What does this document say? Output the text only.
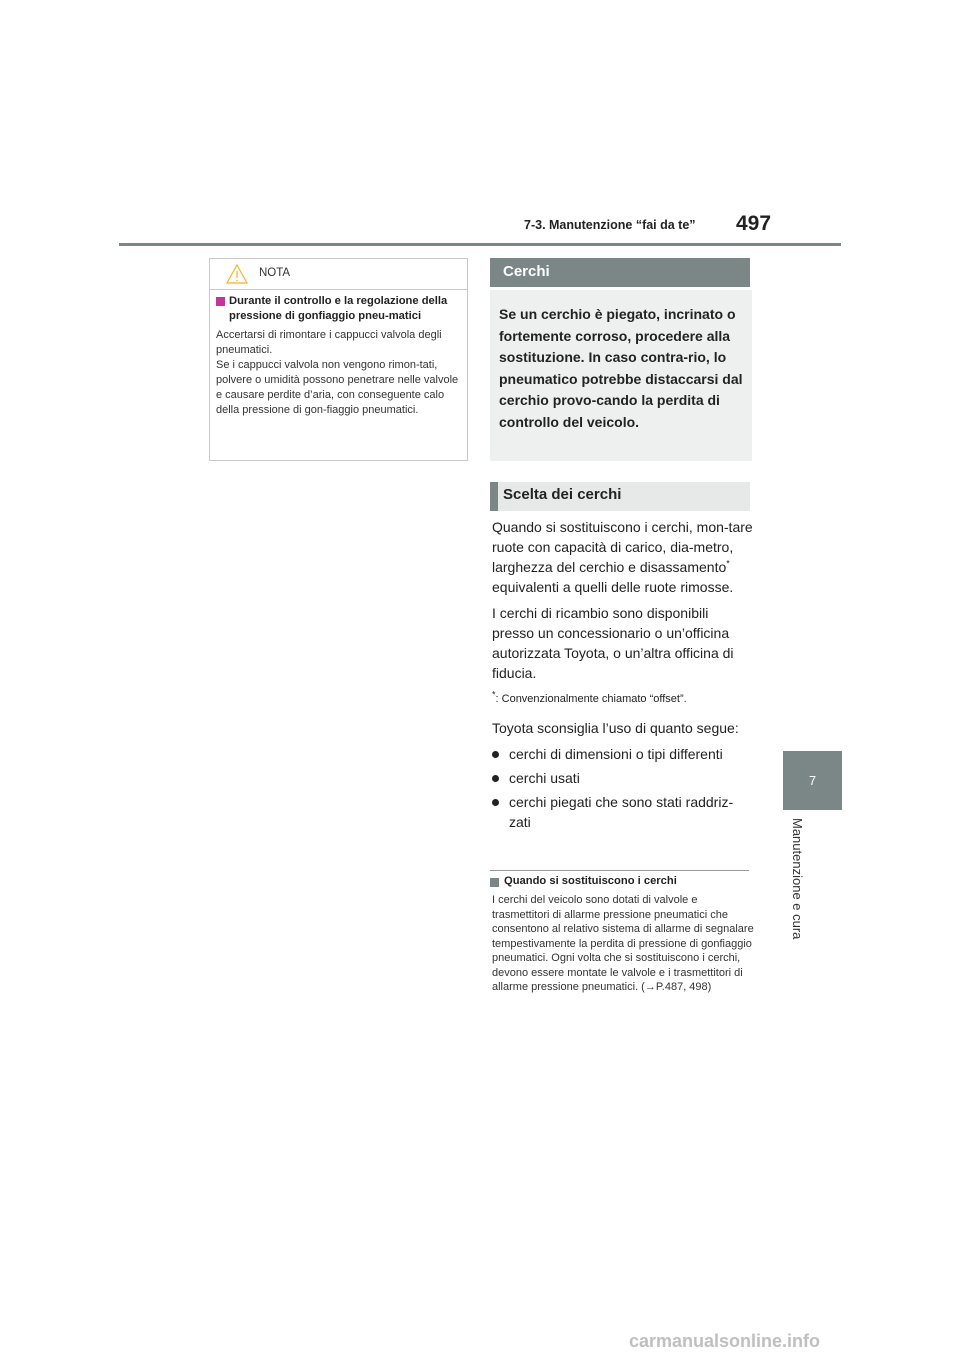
7-3. Manutenzione “fai da te” 497
7
Manutenzione e cura
NOTA
Durante il controllo e la regolazione della pressione di gonfiaggio pneu-matici
Accertarsi di rimontare i cappucci valvola degli pneumatici.
Se i cappucci valvola non vengono rimon-tati, polvere o umidità possono penetrare nelle valvole e causare perdite d’aria, con conseguente calo della pressione di gon-fiaggio pneumatici.
Cerchi
Se un cerchio è piegato, incrinato o fortemente corroso, procedere alla sostituzione. In caso contra-rio, lo pneumatico potrebbe distaccarsi dal cerchio provo-cando la perdita di controllo del veicolo.
Scelta dei cerchi

Quando si sostituiscono i cerchi, mon-tare ruote con capacità di carico, dia-metro, larghezza del cerchio e disassamento* equivalenti a quelli delle ruote rimosse.

I cerchi di ricambio sono disponibili presso un concessionario o un’officina autorizzata Toyota, o un’altra officina di fiducia.

*: Convenzionalmente chiamato “offset”.

Toyota sconsiglia l’uso di quanto segue:

cerchi di dimensioni o tipi differenti

cerchi usati

cerchi piegati che sono stati raddriz-zati

Quando si sostituiscono i cerchi
I cerchi del veicolo sono dotati di valvole e trasmettitori di allarme pressione pneumatici che consentono al relativo sistema di allarme di segnalare tempestivamente la perdita di pressione di gonfiaggio pneumatici. Ogni volta che si sostituiscono i cerchi, devono essere montate le valvole e i trasmettitori di allarme pressione pneumatici. (→P.487, 498)
carmanualsonline.info
